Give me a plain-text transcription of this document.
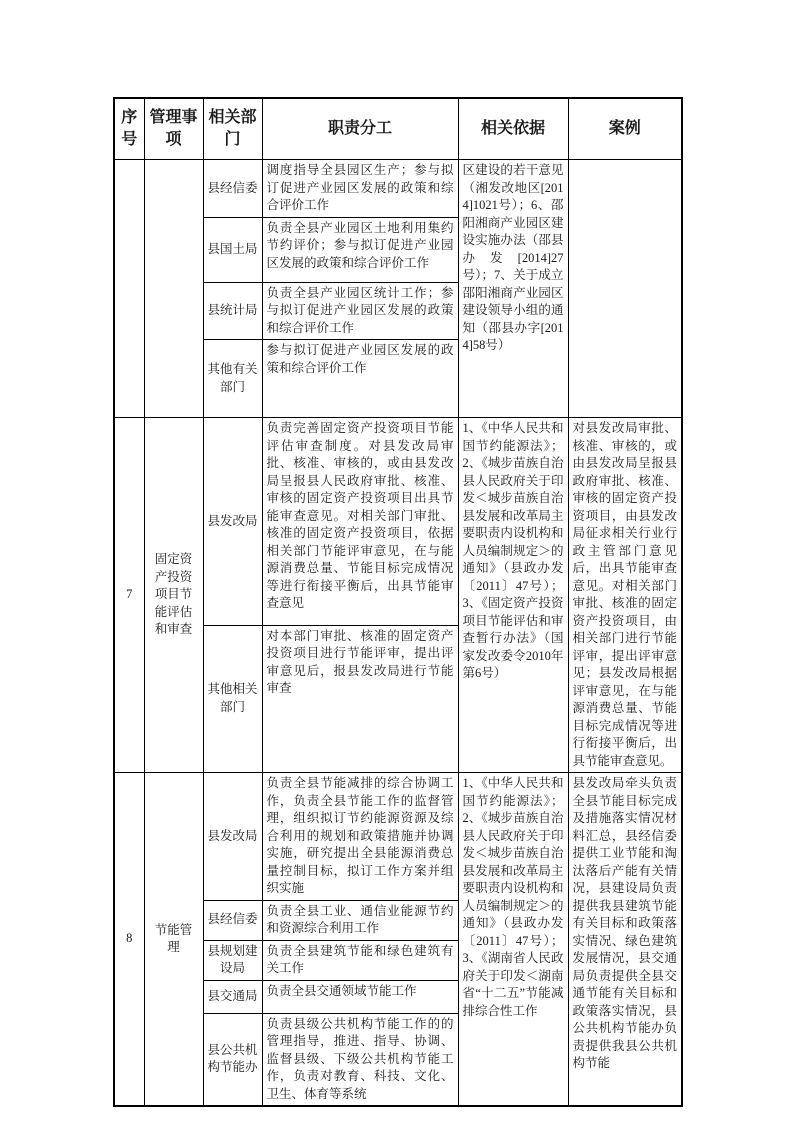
序号	管理事项	相关部门	职责分工	相关依据	案例
		县经信委	调度指导全县园区生产；参与拟订促进产业园区发展的政策和综合评价工作	区建设的若干意见（湘发改地区[2014]1021号）；6、邵阳湘商产业园区建设实施办法（邵县办发[2014]27号）；7、关于成立邵阳湘商产业园区建设领导小组的通知（邵县办字[2014]58号）	
		县国土局	负责全县产业园区土地利用集约节约评价；参与拟订促进产业园区发展的政策和综合评价工作		
		县统计局	负责全县产业园区统计工作；参与拟订促进产业园区发展的政策和综合评价工作		
		其他有关部门	参与拟订促进产业园区发展的政策和综合评价工作		
7	固定资产投资项目节能评估和审查	县发改局	负责完善固定资产投资项目节能评估审查制度。对县发改局审批、核准、审核的，或由县发改局呈报县人民政府审批、核准、审核的固定资产投资项目出具节能审查意见。对相关部门审批、核准的固定资产投资项目，依据相关部门节能评审意见，在与能源消费总量、节能目标完成情况等进行衔接平衡后，出具节能审查意见	1、《中华人民共和国节约能源法》；2、《城步苗族自治县人民政府关于印发＜城步苗族自治县发展和改革局主要职责内设机构和人员编制规定＞的通知》（县政办发〔2011〕47号）；3、《固定资产投资项目节能评估和审查暂行办法》（国家发改委令2010年第6号）	对县发改局审批、核准、审核的，或由县发改局呈报县政府审批、核准、审核的固定资产投资项目，由县发改局征求相关行业行政主管部门意见后，出具节能审查意见。对相关部门审批、核准的固定资产投资项目，由相关部门进行节能评审，提出评审意见；县发改局根据评审意见，在与能源消费总量、节能目标完成情况等进行衔接平衡后，出具节能审查意见。
		其他相关部门	对本部门审批、核准的固定资产投资项目进行节能评审，提出评审意见后，报县发改局进行节能审查		
8	节能管理	县发改局	负责全县节能减排的综合协调工作，负责全县节能工作的监督管理，组织拟订节约能源资源及综合利用的规划和政策措施并协调实施，研究提出全县能源消费总量控制目标，拟订工作方案并组织实施	1、《中华人民共和国节约能源法》；2、《城步苗族自治县人民政府关于印发＜城步苗族自治县发展和改革局主要职责内设机构和人员编制规定＞的通知》（县政办发〔2011〕47号）；3、《湖南省人民政府关于印发＜湖南省“十二五”节能减排综合性工作	县发改局牵头负责全县节能目标完成及措施落实情况材料汇总，县经信委提供工业节能和淘汰落后产能有关情况，县建设局负责提供我县建筑节能有关目标和政策落实情况、绿色建筑发展情况，县交通局负责提供全县交通节能有关目标和政策落实情况，县公共机构节能办负责提供我县公共机构节能
		县经信委	负责全县工业、通信业能源节约和资源综合利用工作		
		县规划建设局	负责全县建筑节能和绿色建筑有关工作		
		县交通局	负责全县交通领域节能工作		
		县公共机构节能办	负责县级公共机构节能工作的的管理指导，推进、指导、协调、监督县级、下级公共机构节能工作，负责对教育、科技、文化、卫生、体育等系统		
